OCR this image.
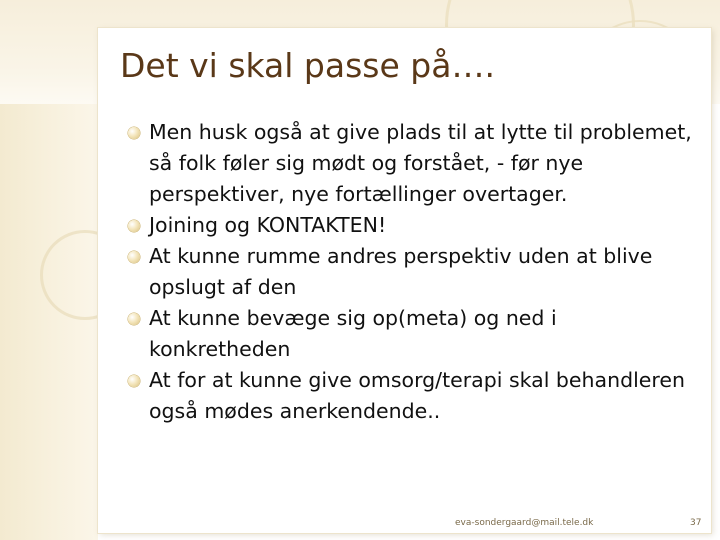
Det vi skal passe på….
Men husk også at give plads til at lytte til problemet, så folk føler sig mødt og forstået, - før nye perspektiver, nye fortællinger overtager.
Joining og KONTAKTEN!
At kunne rumme andres perspektiv uden at blive opslugt af den
At kunne bevæge sig op(meta) og ned i konkretheden
At for at kunne give omsorg/terapi skal behandleren også mødes anerkendende..
eva-sondergaard@mail.tele.dk	37
